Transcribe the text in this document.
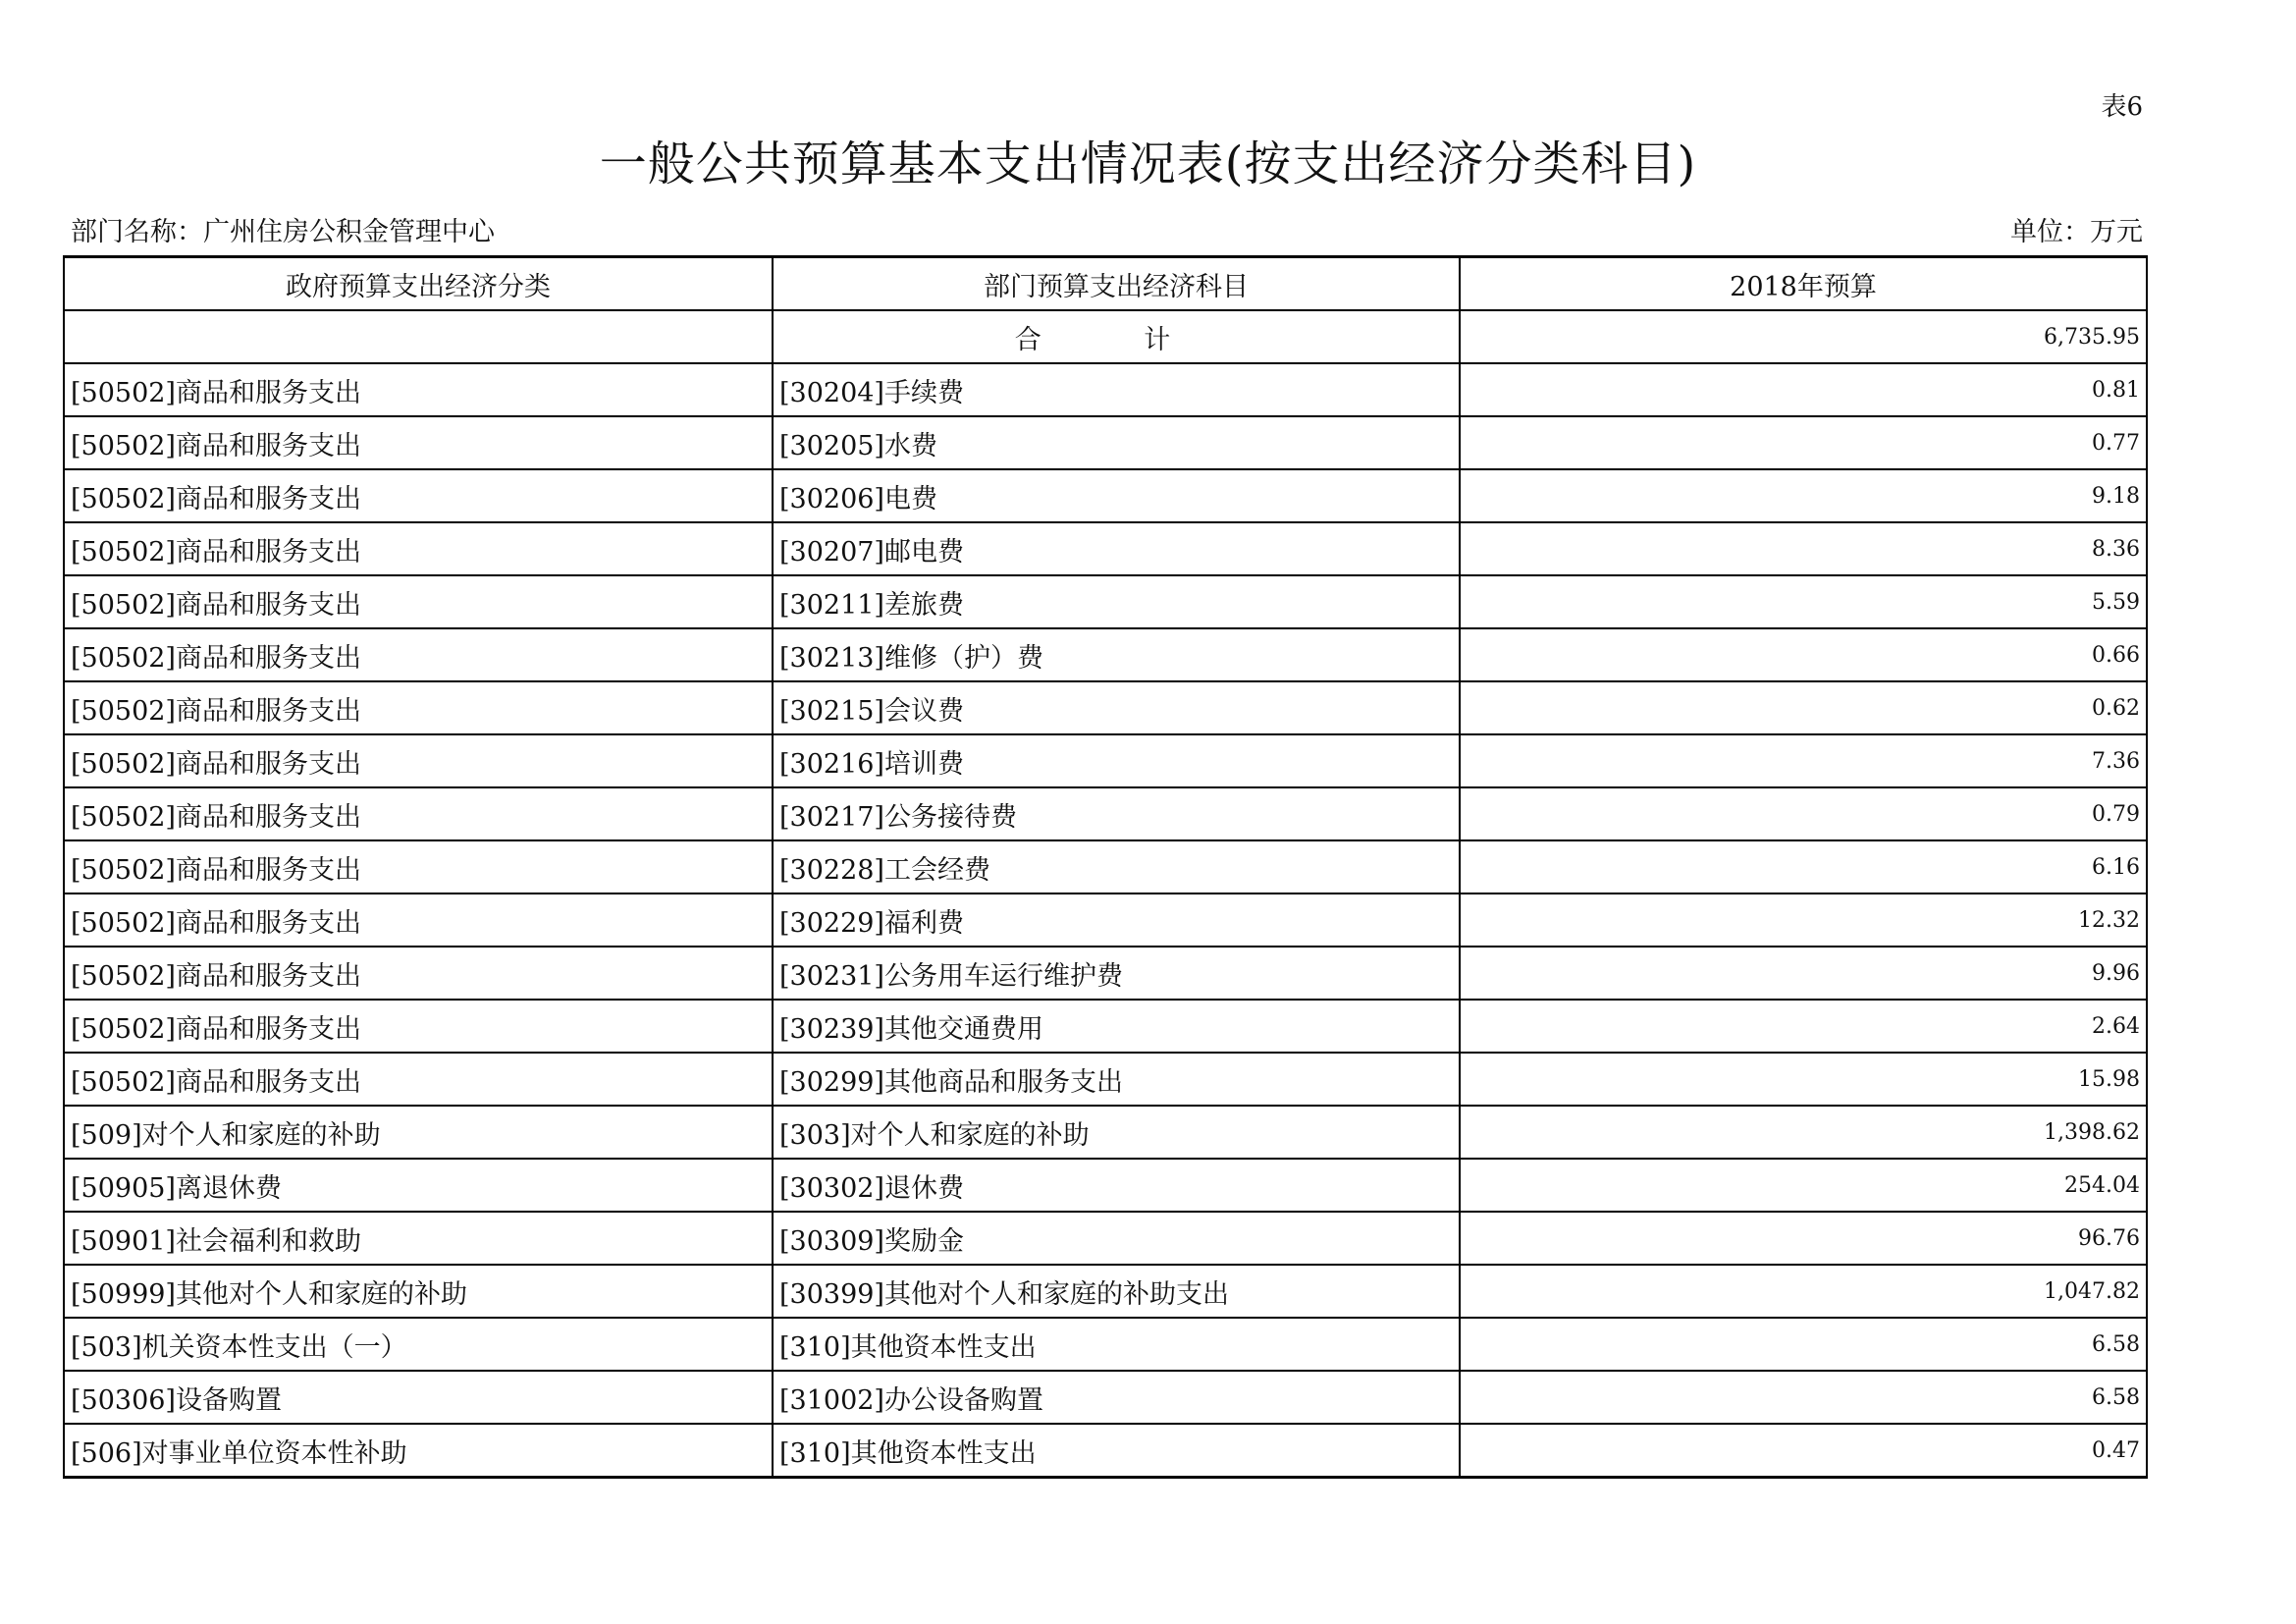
表6
一般公共预算基本支出情况表(按支出经济分类科目)
部门名称：广州住房公积金管理中心	单位：万元
政府预算支出经济分类	部门预算支出经济科目	2018年预算
	合 计	6,735.95
[50502]商品和服务支出	[30204]手续费	0.81
[50502]商品和服务支出	[30205]水费	0.77
[50502]商品和服务支出	[30206]电费	9.18
[50502]商品和服务支出	[30207]邮电费	8.36
[50502]商品和服务支出	[30211]差旅费	5.59
[50502]商品和服务支出	[30213]维修（护）费	0.66
[50502]商品和服务支出	[30215]会议费	0.62
[50502]商品和服务支出	[30216]培训费	7.36
[50502]商品和服务支出	[30217]公务接待费	0.79
[50502]商品和服务支出	[30228]工会经费	6.16
[50502]商品和服务支出	[30229]福利费	12.32
[50502]商品和服务支出	[30231]公务用车运行维护费	9.96
[50502]商品和服务支出	[30239]其他交通费用	2.64
[50502]商品和服务支出	[30299]其他商品和服务支出	15.98
[509]对个人和家庭的补助	[303]对个人和家庭的补助	1,398.62
[50905]离退休费	[30302]退休费	254.04
[50901]社会福利和救助	[30309]奖励金	96.76
[50999]其他对个人和家庭的补助	[30399]其他对个人和家庭的补助支出	1,047.82
[503]机关资本性支出（一）	[310]其他资本性支出	6.58
[50306]设备购置	[31002]办公设备购置	6.58
[506]对事业单位资本性补助	[310]其他资本性支出	0.47
